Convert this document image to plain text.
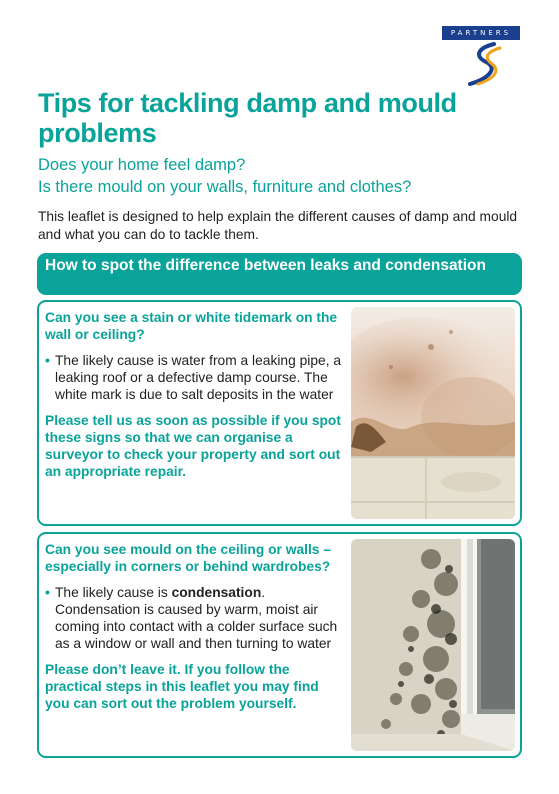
PARTNERS
Tips for tackling damp and mould problems
Does your home feel damp?
Is there mould on your walls, furniture and clothes?

This leaflet is designed to help explain the different causes of damp and mould and what you can do to tackle them.

How to spot the difference between leaks and condensation
Can you see a stain or white tidemark on the wall or ceiling?
• The likely cause is water from a leaking pipe, a leaking roof or a defective damp course. The white mark is due to salt deposits in the water
Please tell us as soon as possible if you spot these signs so that we can organise a surveyor to check your property and sort out an appropriate repair.
Can you see mould on the ceiling or walls – especially in corners or behind wardrobes?
• The likely cause is condensation. Condensation is caused by warm, moist air coming into contact with a colder surface such as a window or wall and then turning to water
Please don’t leave it. If you follow the practical steps in this leaflet you may find you can sort out the problem yourself.
